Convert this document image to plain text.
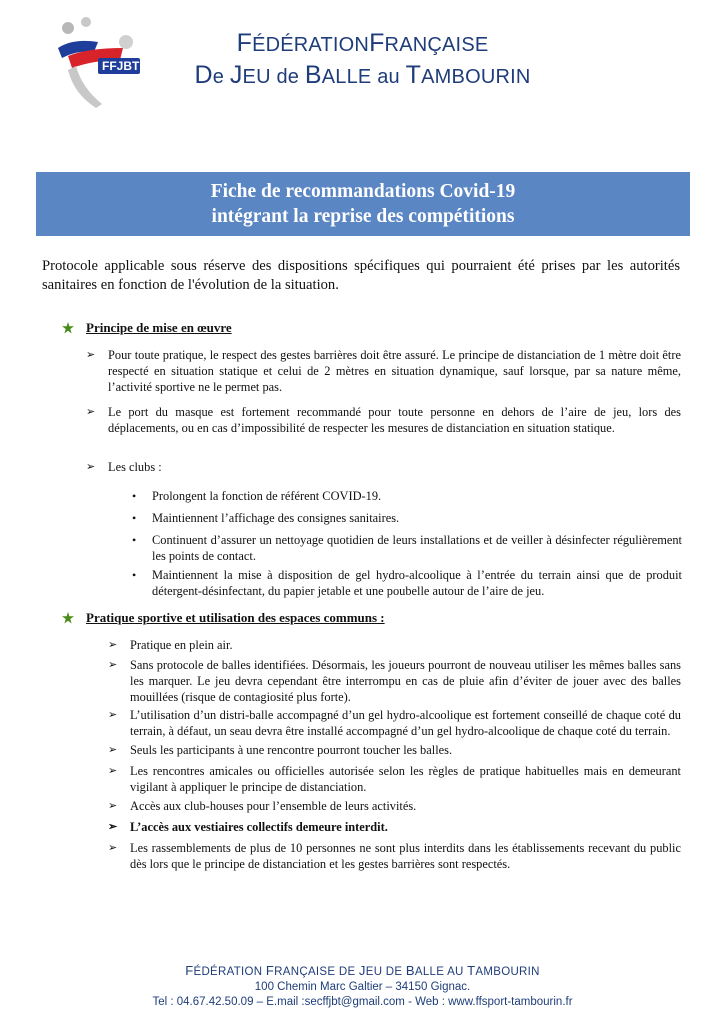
FFJBT
FÉDÉRATIONFRANÇAISE
De JEU de BALLE au TAMBOURIN
Fiche de recommandations Covid-19
intégrant la reprise des compétitions
Protocole applicable sous réserve des dispositions spécifiques qui pourraient été prises par les autorités sanitaires en fonction de l'évolution de la situation.
Principe de mise en œuvre
➢ Pour toute pratique, le respect des gestes barrières doit être assuré. Le principe de distanciation de 1 mètre doit être respecté en situation statique et celui de 2 mètres en situation dynamique, sauf lorsque, par sa nature même, l’activité sportive ne le permet pas.
➢ Le port du masque est fortement recommandé pour toute personne en dehors de l’aire de jeu, lors des déplacements, ou en cas d’impossibilité de respecter les mesures de distanciation en situation statique.
➢ Les clubs :
• Prolongent la fonction de référent COVID-19.
• Maintiennent l’affichage des consignes sanitaires.
• Continuent d’assurer un nettoyage quotidien de leurs installations et de veiller à désinfecter régulièrement les points de contact.
• Maintiennent la mise à disposition de gel hydro-alcoolique à l’entrée du terrain ainsi que de produit détergent-désinfectant, du papier jetable et une poubelle autour de l’aire de jeu.
Pratique sportive et utilisation des espaces communs :
➢ Pratique en plein air.
➢ Sans protocole de balles identifiées. Désormais, les joueurs pourront de nouveau utiliser les mêmes balles sans les marquer. Le jeu devra cependant être interrompu en cas de pluie afin d’éviter de jouer avec des balles mouillées (risque de contagiosité plus forte).
➢ L’utilisation d’un distri-balle accompagné d’un gel hydro-alcoolique est fortement conseillé de chaque coté du terrain, à défaut, un seau devra être installé accompagné d’un gel hydro-alcoolique de chaque coté du terrain.
➢ Seuls les participants à une rencontre pourront toucher les balles.
➢ Les rencontres amicales ou officielles autorisée selon les règles de pratique habituelles mais en demeurant vigilant à appliquer le principe de distanciation.
➢ Accès aux club-houses pour l’ensemble de leurs activités.
➢ L’accès aux vestiaires collectifs demeure interdit.
➢ Les rassemblements de plus de 10 personnes ne sont plus interdits dans les établissements recevant du public dès lors que le principe de distanciation et les gestes barrières sont respectés.
FÉDÉRATION FRANÇAISE DE JEU DE BALLE AU TAMBOURIN
100 Chemin Marc Galtier – 34150 Gignac.
Tel : 04.67.42.50.09 – E.mail :secffjbt@gmail.com - Web : www.ffsport-tambourin.fr
